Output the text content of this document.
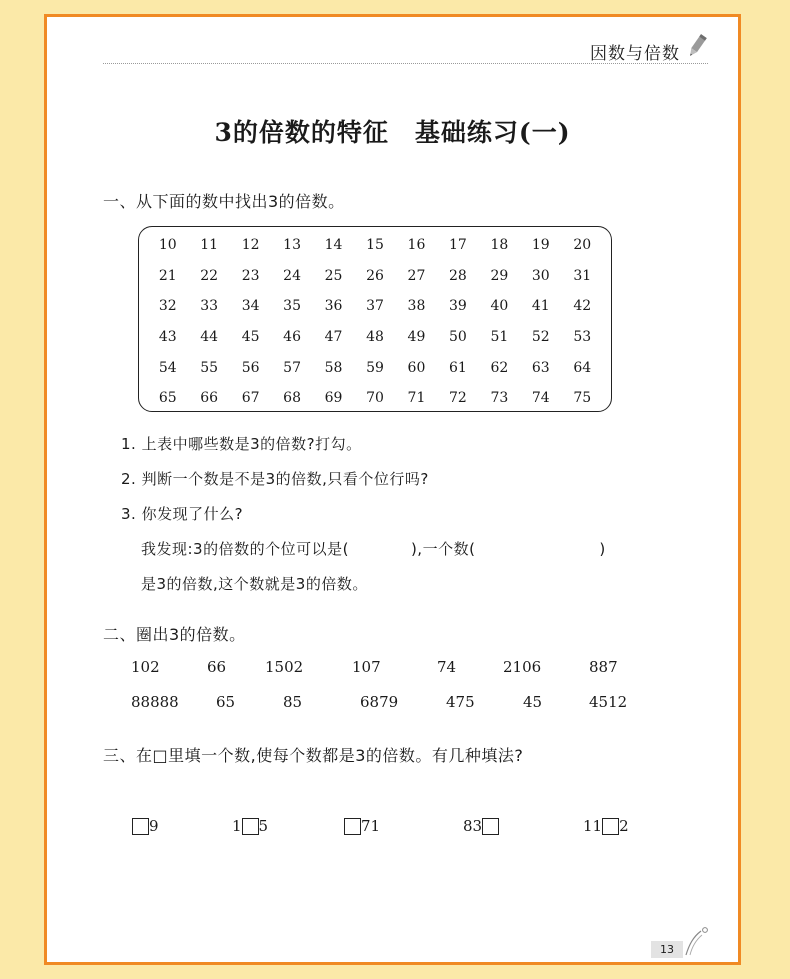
因数与倍数
3的倍数的特征　基础练习(一)
一、从下面的数中找出3的倍数。
10	11	12	13	14	15	16	17	18	19	20
21	22	23	24	25	26	27	28	29	30	31
32	33	34	35	36	37	38	39	40	41	42
43	44	45	46	47	48	49	50	51	52	53
54	55	56	57	58	59	60	61	62	63	64
65	66	67	68	69	70	71	72	73	74	75
1. 上表中哪些数是3的倍数?打勾。
2. 判断一个数是不是3的倍数,只看个位行吗?
3. 你发现了什么?
我发现:3的倍数的个位可以是(　　　　),一个数(　　　　　　　　)
是3的倍数,这个数就是3的倍数。
二、圈出3的倍数。
102	66	1502	107	74	2106	887
88888 65	85	6879	475	45	4512
三、在□里填一个数,使每个数都是3的倍数。有几种填法?
9	1 5	71	83	11 2
13
